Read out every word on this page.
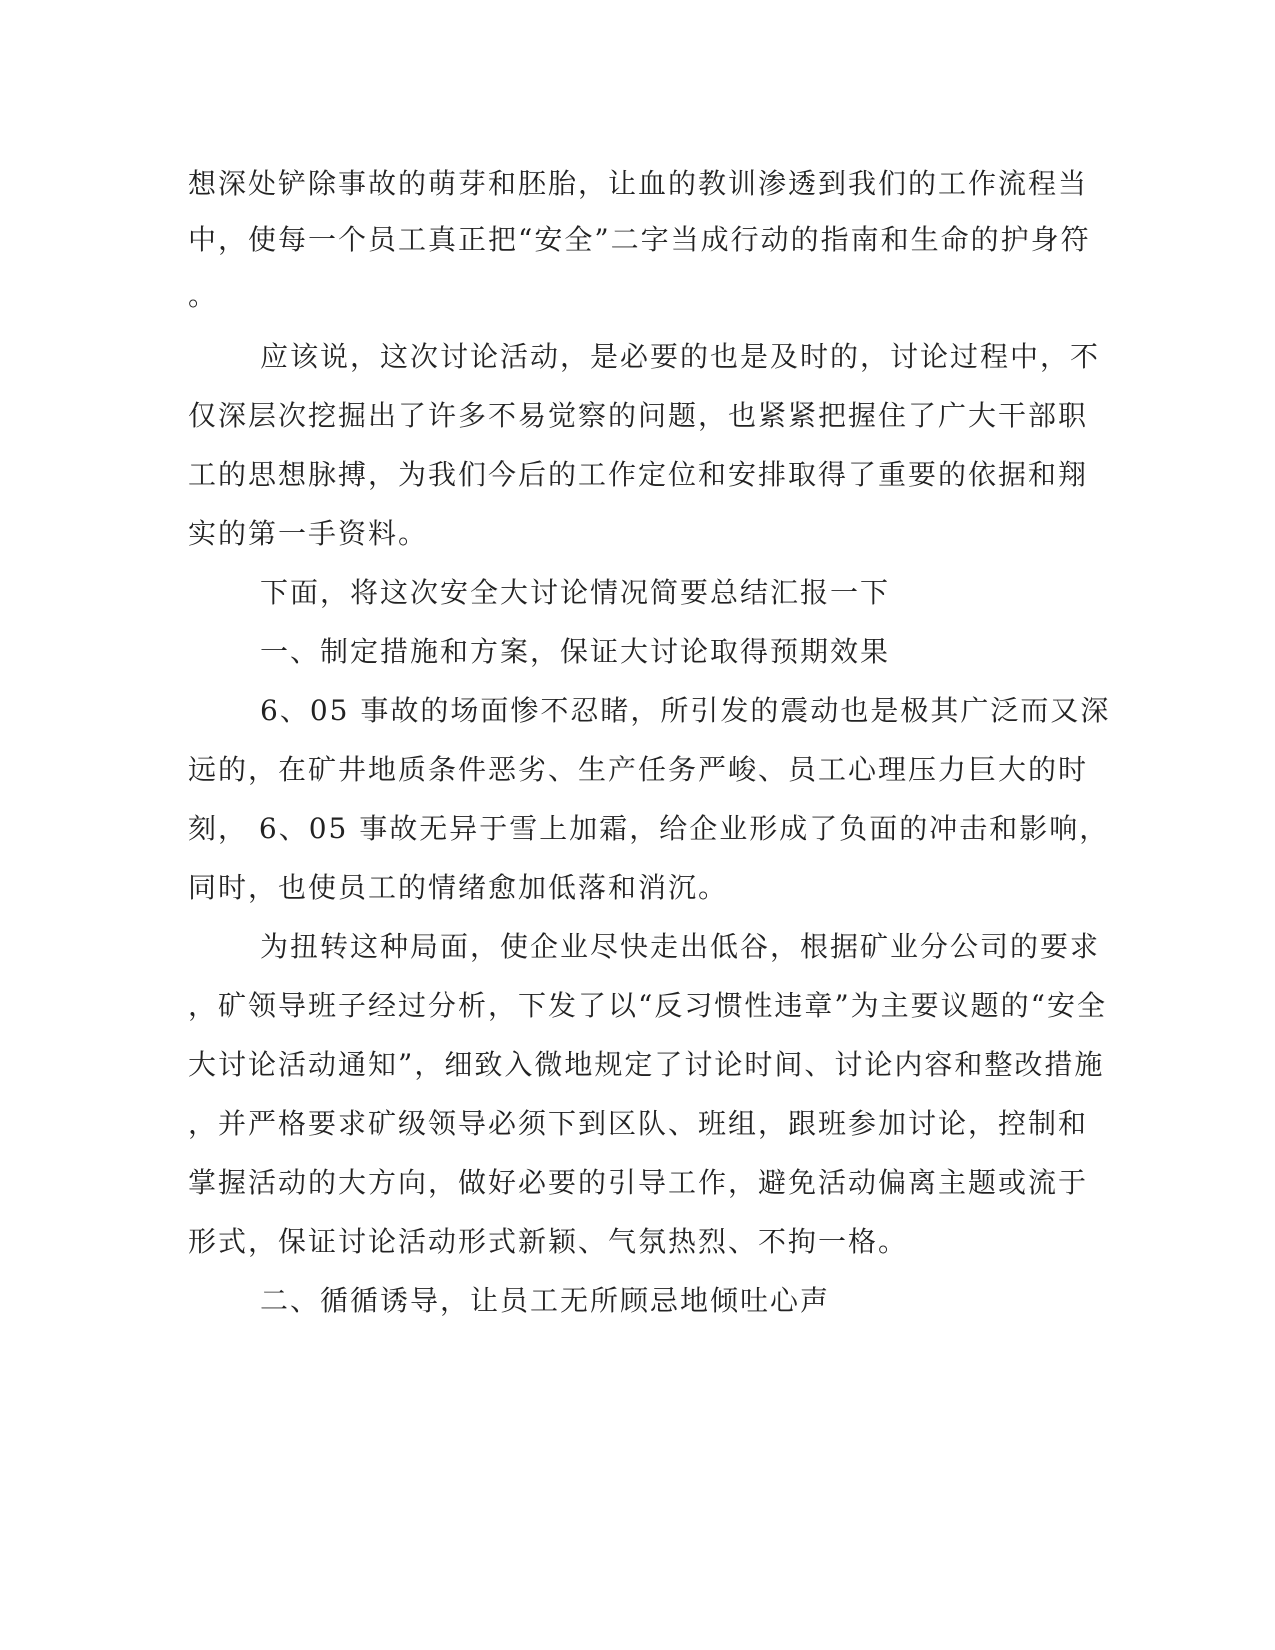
想深处铲除事故的萌芽和胚胎，让血的教训渗透到我们的工作流程当
中，使每一个员工真正把“安全”二字当成行动的指南和生命的护身符
。
应该说，这次讨论活动，是必要的也是及时的，讨论过程中，不
仅深层次挖掘出了许多不易觉察的问题，也紧紧把握住了广大干部职
工的思想脉搏，为我们今后的工作定位和安排取得了重要的依据和翔
实的第一手资料。
下面，将这次安全大讨论情况简要总结汇报一下
一、制定措施和方案，保证大讨论取得预期效果
6、05 事故的场面惨不忍睹，所引发的震动也是极其广泛而又深
远的，在矿井地质条件恶劣、生产任务严峻、员工心理压力巨大的时
刻， 6、05 事故无异于雪上加霜，给企业形成了负面的冲击和影响，
同时，也使员工的情绪愈加低落和消沉。
为扭转这种局面，使企业尽快走出低谷，根据矿业分公司的要求
，矿领导班子经过分析，下发了以“反习惯性违章”为主要议题的“安全
大讨论活动通知”，细致入微地规定了讨论时间、讨论内容和整改措施
，并严格要求矿级领导必须下到区队、班组，跟班参加讨论，控制和
掌握活动的大方向，做好必要的引导工作，避免活动偏离主题或流于
形式，保证讨论活动形式新颖、气氛热烈、不拘一格。
二、循循诱导，让员工无所顾忌地倾吐心声
